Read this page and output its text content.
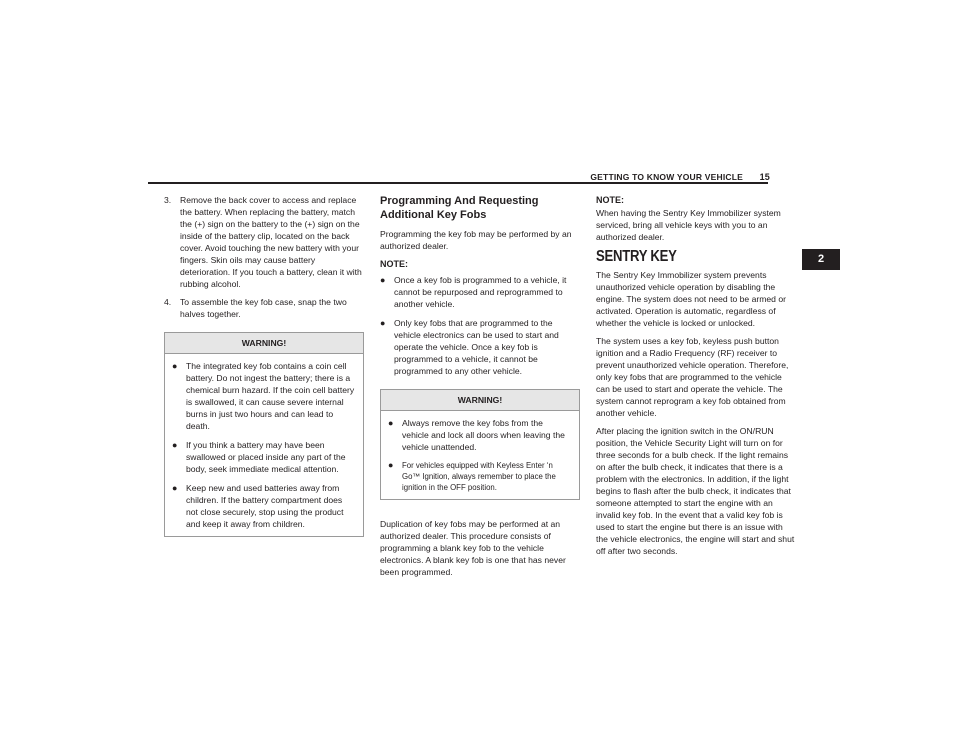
GETTING TO KNOW YOUR VEHICLE 15
2
3.	Remove the back cover to access and replace the battery. When replacing the battery, match the (+) sign on the battery to the (+) sign on the inside of the battery clip, located on the back cover. Avoid touching the new battery with your fingers. Skin oils may cause battery deterioration. If you touch a battery, clean it with rubbing alcohol.
4.	To assemble the key fob case, snap the two halves together.
WARNING!
● The integrated key fob contains a coin cell battery. Do not ingest the battery; there is a chemical burn hazard. If the coin cell battery is swallowed, it can cause severe internal burns in just two hours and can lead to death.
● If you think a battery may have been swallowed or placed inside any part of the body, seek immediate medical attention.
● Keep new and used batteries away from children. If the battery compartment does not close securely, stop using the product and keep it away from children.
Programming And Requesting Additional Key Fobs
Programming the key fob may be performed by an authorized dealer.
NOTE:
● Once a key fob is programmed to a vehicle, it cannot be repurposed and reprogrammed to another vehicle.
● Only key fobs that are programmed to the vehicle electronics can be used to start and operate the vehicle. Once a key fob is programmed to a vehicle, it cannot be programmed to any other vehicle.
WARNING!
● Always remove the key fobs from the vehicle and lock all doors when leaving the vehicle unattended.
●	For vehicles equipped with Keyless Enter ‘n Go™ Ignition, always remember to place the ignition in the OFF position.
Duplication of key fobs may be performed at an authorized dealer. This procedure consists of programming a blank key fob to the vehicle electronics. A blank key fob is one that has never been programmed.
NOTE:
When having the Sentry Key Immobilizer system serviced, bring all vehicle keys with you to an authorized dealer.
SENTRY KEY
The Sentry Key Immobilizer system prevents unauthorized vehicle operation by disabling the engine. The system does not need to be armed or activated. Operation is automatic, regardless of whether the vehicle is locked or unlocked.
The system uses a key fob, keyless push button ignition and a Radio Frequency (RF) receiver to prevent unauthorized vehicle operation. Therefore, only key fobs that are programmed to the vehicle can be used to start and operate the vehicle. The system cannot reprogram a key fob obtained from another vehicle.
After placing the ignition switch in the ON/RUN position, the Vehicle Security Light will turn on for three seconds for a bulb check. If the light remains on after the bulb check, it indicates that there is a problem with the electronics. In addition, if the light begins to flash after the bulb check, it indicates that someone attempted to start the engine with an invalid key fob. In the event that a valid key fob is used to start the engine but there is an issue with the vehicle electronics, the engine will start and shut off after two seconds.
